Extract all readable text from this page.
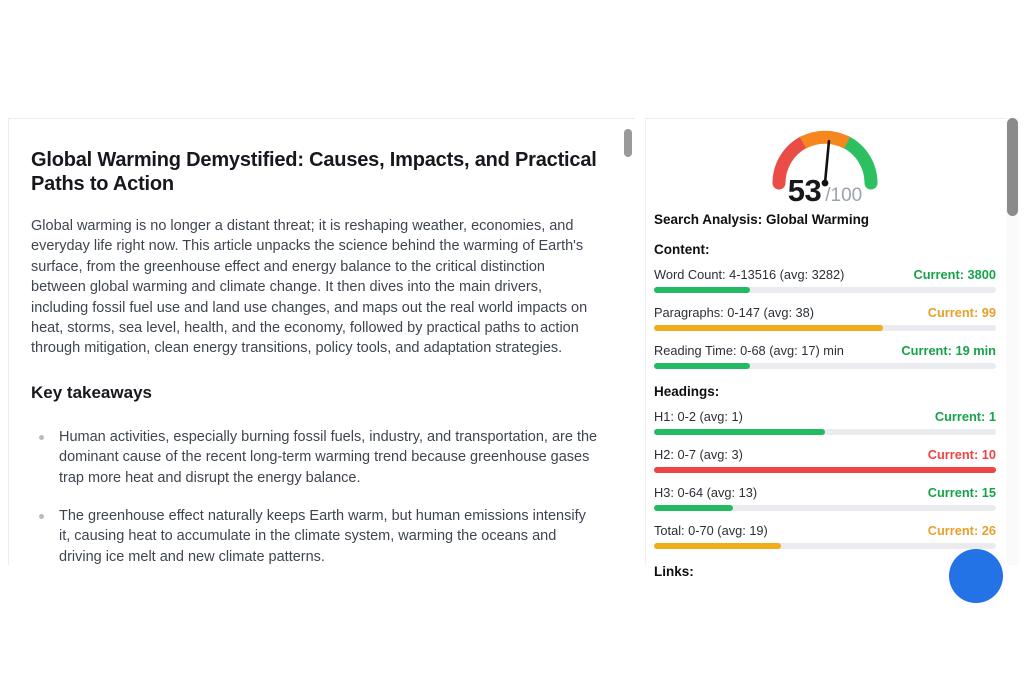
Global Warming Demystified: Causes, Impacts, and Practical Paths to Action

Global warming is no longer a distant threat; it is reshaping weather, economies, and everyday life right now. This article unpacks the science behind the warming of Earth's surface, from the greenhouse effect and energy balance to the critical distinction between global warming and climate change. It then dives into the main drivers, including fossil fuel use and land use changes, and maps out the real world impacts on heat, storms, sea level, health, and the economy, followed by practical paths to action through mitigation, clean energy transitions, policy tools, and adaptation strategies.

Key takeaways
Human activities, especially burning fossil fuels, industry, and transportation, are the dominant cause of the recent long-term warming trend because greenhouse gases trap more heat and disrupt the energy balance.
The greenhouse effect naturally keeps Earth warm, but human emissions intensify it, causing heat to accumulate in the climate system, warming the oceans and driving ice melt and new climate patterns.
53 /100
Search Analysis: Global Warming
Content:
Word Count: 4-13516 (avg: 3282)	Current: 3800
Paragraphs: 0-147 (avg: 38)	Current: 99
Reading Time: 0-68 (avg: 17) min	Current: 19 min
Headings:
H1: 0-2 (avg: 1)	Current: 1
H2: 0-7 (avg: 3)	Current: 10
H3: 0-64 (avg: 13)	Current: 15
Total: 0-70 (avg: 19)	Current: 26
Links:
